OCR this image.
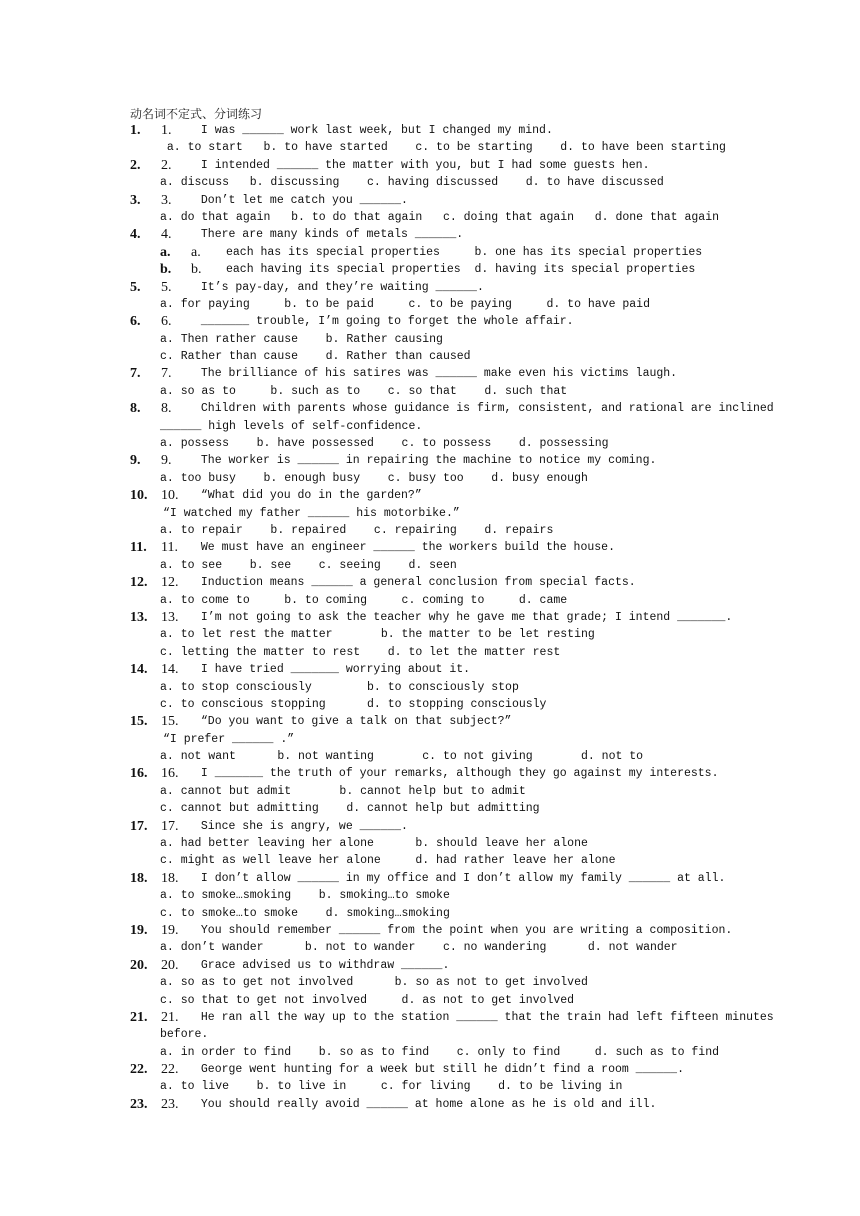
动名词不定式、分词练习
1. 1. I was ______ work last week, but I changed my mind.
a. to start   b. to have started    c. to be starting    d. to have been starting
2. 2. I intended ______ the matter with you, but I had some guests hen.
a. discuss   b. discussing    c. having discussed    d. to have discussed
3. 3. Don’t let me catch you ______.
a. do that again   b. to do that again   c. doing that again   d. done that again
4. 4. There are many kinds of metals ______.
a. a. each has its special properties     b. one has its special properties
b. b. each having its special properties  d. having its special properties
5. 5. It’s pay-day, and they’re waiting ______.
a. for paying     b. to be paid     c. to be paying     d. to have paid
6. 6. _______ trouble, I’m going to forget the whole affair.
a. Then rather cause    b. Rather causing
c. Rather than cause    d. Rather than caused
7. 7. The brilliance of his satires was ______ make even his victims laugh.
a. so as to     b. such as to    c. so that    d. such that
8. 8. Children with parents whose guidance is firm, consistent, and rational are inclined
______ high levels of self-confidence.
a. possess    b. have possessed    c. to possess    d. possessing
9. 9. The worker is ______ in repairing the machine to notice my coming.
a. too busy    b. enough busy    c. busy too    d. busy enough
10. 10. “What did you do in the garden?”
“I watched my father ______ his motorbike.”
a. to repair    b. repaired    c. repairing    d. repairs
11. 11. We must have an engineer ______ the workers build the house.
a. to see    b. see    c. seeing    d. seen
12. 12. Induction means ______ a general conclusion from special facts.
a. to come to     b. to coming     c. coming to     d. came
13. 13. I’m not going to ask the teacher why he gave me that grade; I intend _______.
a. to let rest the matter       b. the matter to be let resting
c. letting the matter to rest    d. to let the matter rest
14. 14. I have tried _______ worrying about it.
a. to stop consciously        b. to consciously stop
c. to conscious stopping      d. to stopping consciously
15. 15. “Do you want to give a talk on that subject?”
“I prefer ______ .”
a. not want      b. not wanting       c. to not giving       d. not to
16. 16. I _______ the truth of your remarks, although they go against my interests.
a. cannot but admit       b. cannot help but to admit
c. cannot but admitting    d. cannot help but admitting
17. 17. Since she is angry, we ______.
a. had better leaving her alone      b. should leave her alone
c. might as well leave her alone     d. had rather leave her alone
18. 18. I don’t allow ______ in my office and I don’t allow my family ______ at all.
a. to smoke…smoking    b. smoking…to smoke
c. to smoke…to smoke    d. smoking…smoking
19. 19. You should remember ______ from the point when you are writing a composition.
a. don’t wander      b. not to wander    c. no wandering      d. not wander
20. 20. Grace advised us to withdraw ______.
a. so as to get not involved      b. so as not to get involved
c. so that to get not involved     d. as not to get involved
21. 21. He ran all the way up to the station ______ that the train had left fifteen minutes
before.
a. in order to find    b. so as to find    c. only to find     d. such as to find
22. 22. George went hunting for a week but still he didn’t find a room ______.
a. to live    b. to live in     c. for living    d. to be living in
23. 23. You should really avoid ______ at home alone as he is old and ill.
